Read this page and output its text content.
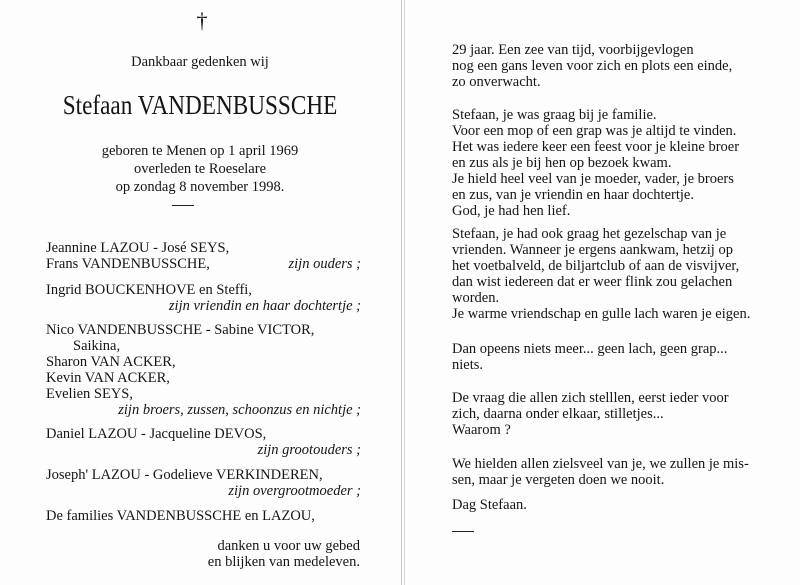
†
Dankbaar gedenken wij
Stefaan VANDENBUSSCHE
geboren te Menen op 1 april 1969
overleden te Roeselare
op zondag 8 november 1998.
Jeannine LAZOU - José SEYS,
Frans VANDENBUSSCHE,	zijn ouders ;
Ingrid BOUCKENHOVE en Steffi,
zijn vriendin en haar dochtertje ;
Nico VANDENBUSSCHE - Sabine VICTOR,
Saikina,
Sharon VAN ACKER,
Kevin VAN ACKER,
Evelien SEYS,
zijn broers, zussen, schoonzus en nichtje ;
Daniel LAZOU - Jacqueline DEVOS,
zijn grootouders ;
Joseph' LAZOU - Godelieve VERKINDEREN,
zijn overgrootmoeder ;
De families VANDENBUSSCHE en LAZOU,
danken u voor uw gebed
en blijken van medeleven.
29 jaar. Een zee van tijd, voorbijgevlogen
nog een gans leven voor zich en plots een einde,
zo onverwacht.
Stefaan, je was graag bij je familie.
Voor een mop of een grap was je altijd te vinden.
Het was iedere keer een feest voor je kleine broer
en zus als je bij hen op bezoek kwam.
Je hield heel veel van je moeder, vader, je broers
en zus, van je vriendin en haar dochtertje.
God, je had hen lief.
Stefaan, je had ook graag het gezelschap van je
vrienden. Wanneer je ergens aankwam, hetzij op
het voetbalveld, de biljartclub of aan de visvijver,
dan wist iedereen dat er weer flink zou gelachen
worden.
Je warme vriendschap en gulle lach waren je eigen.
Dan opeens niets meer... geen lach, geen grap...
niets.
De vraag die allen zich stelllen, eerst ieder voor
zich, daarna onder elkaar, stilletjes...
Waarom ?
We hielden allen zielsveel van je, we zullen je mis-
sen, maar je vergeten doen we nooit.
Dag Stefaan.
